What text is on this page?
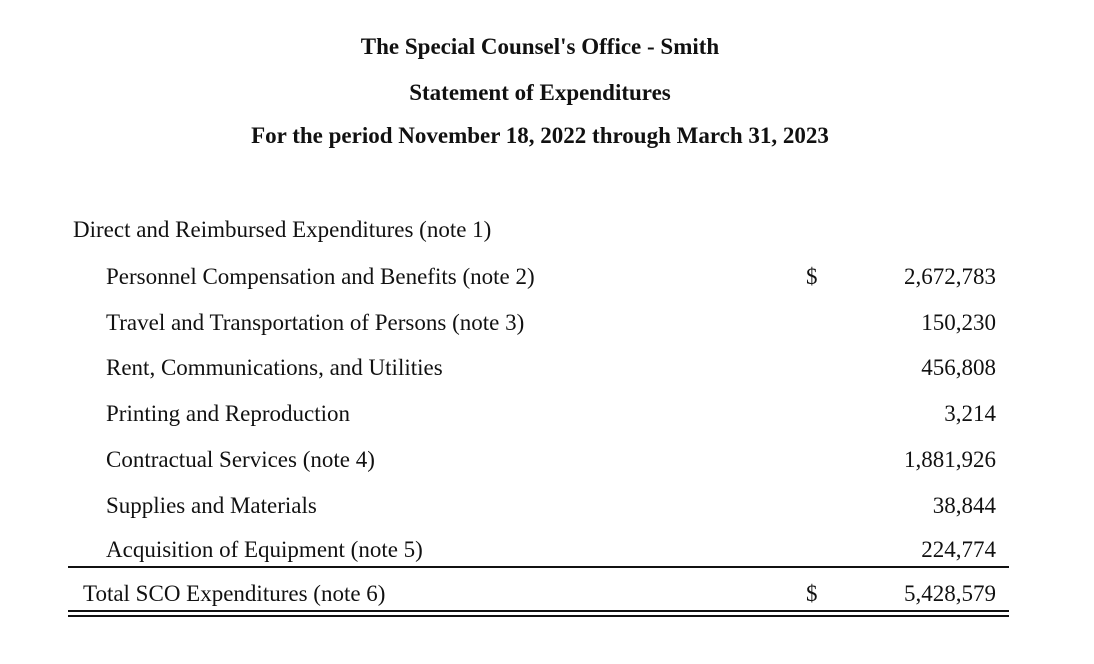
The Special Counsel's Office - Smith
Statement of Expenditures
For the period November 18, 2022 through March 31, 2023
Direct and Reimbursed Expenditures (note 1)
Personnel Compensation and Benefits (note 2)	$	2,672,783
Travel and Transportation of Persons (note 3)	150,230
Rent, Communications, and Utilities	456,808
Printing and Reproduction	3,214
Contractual Services (note 4)	1,881,926
Supplies and Materials	38,844
Acquisition of Equipment (note 5)	224,774
Total SCO Expenditures (note 6)	$	5,428,579
